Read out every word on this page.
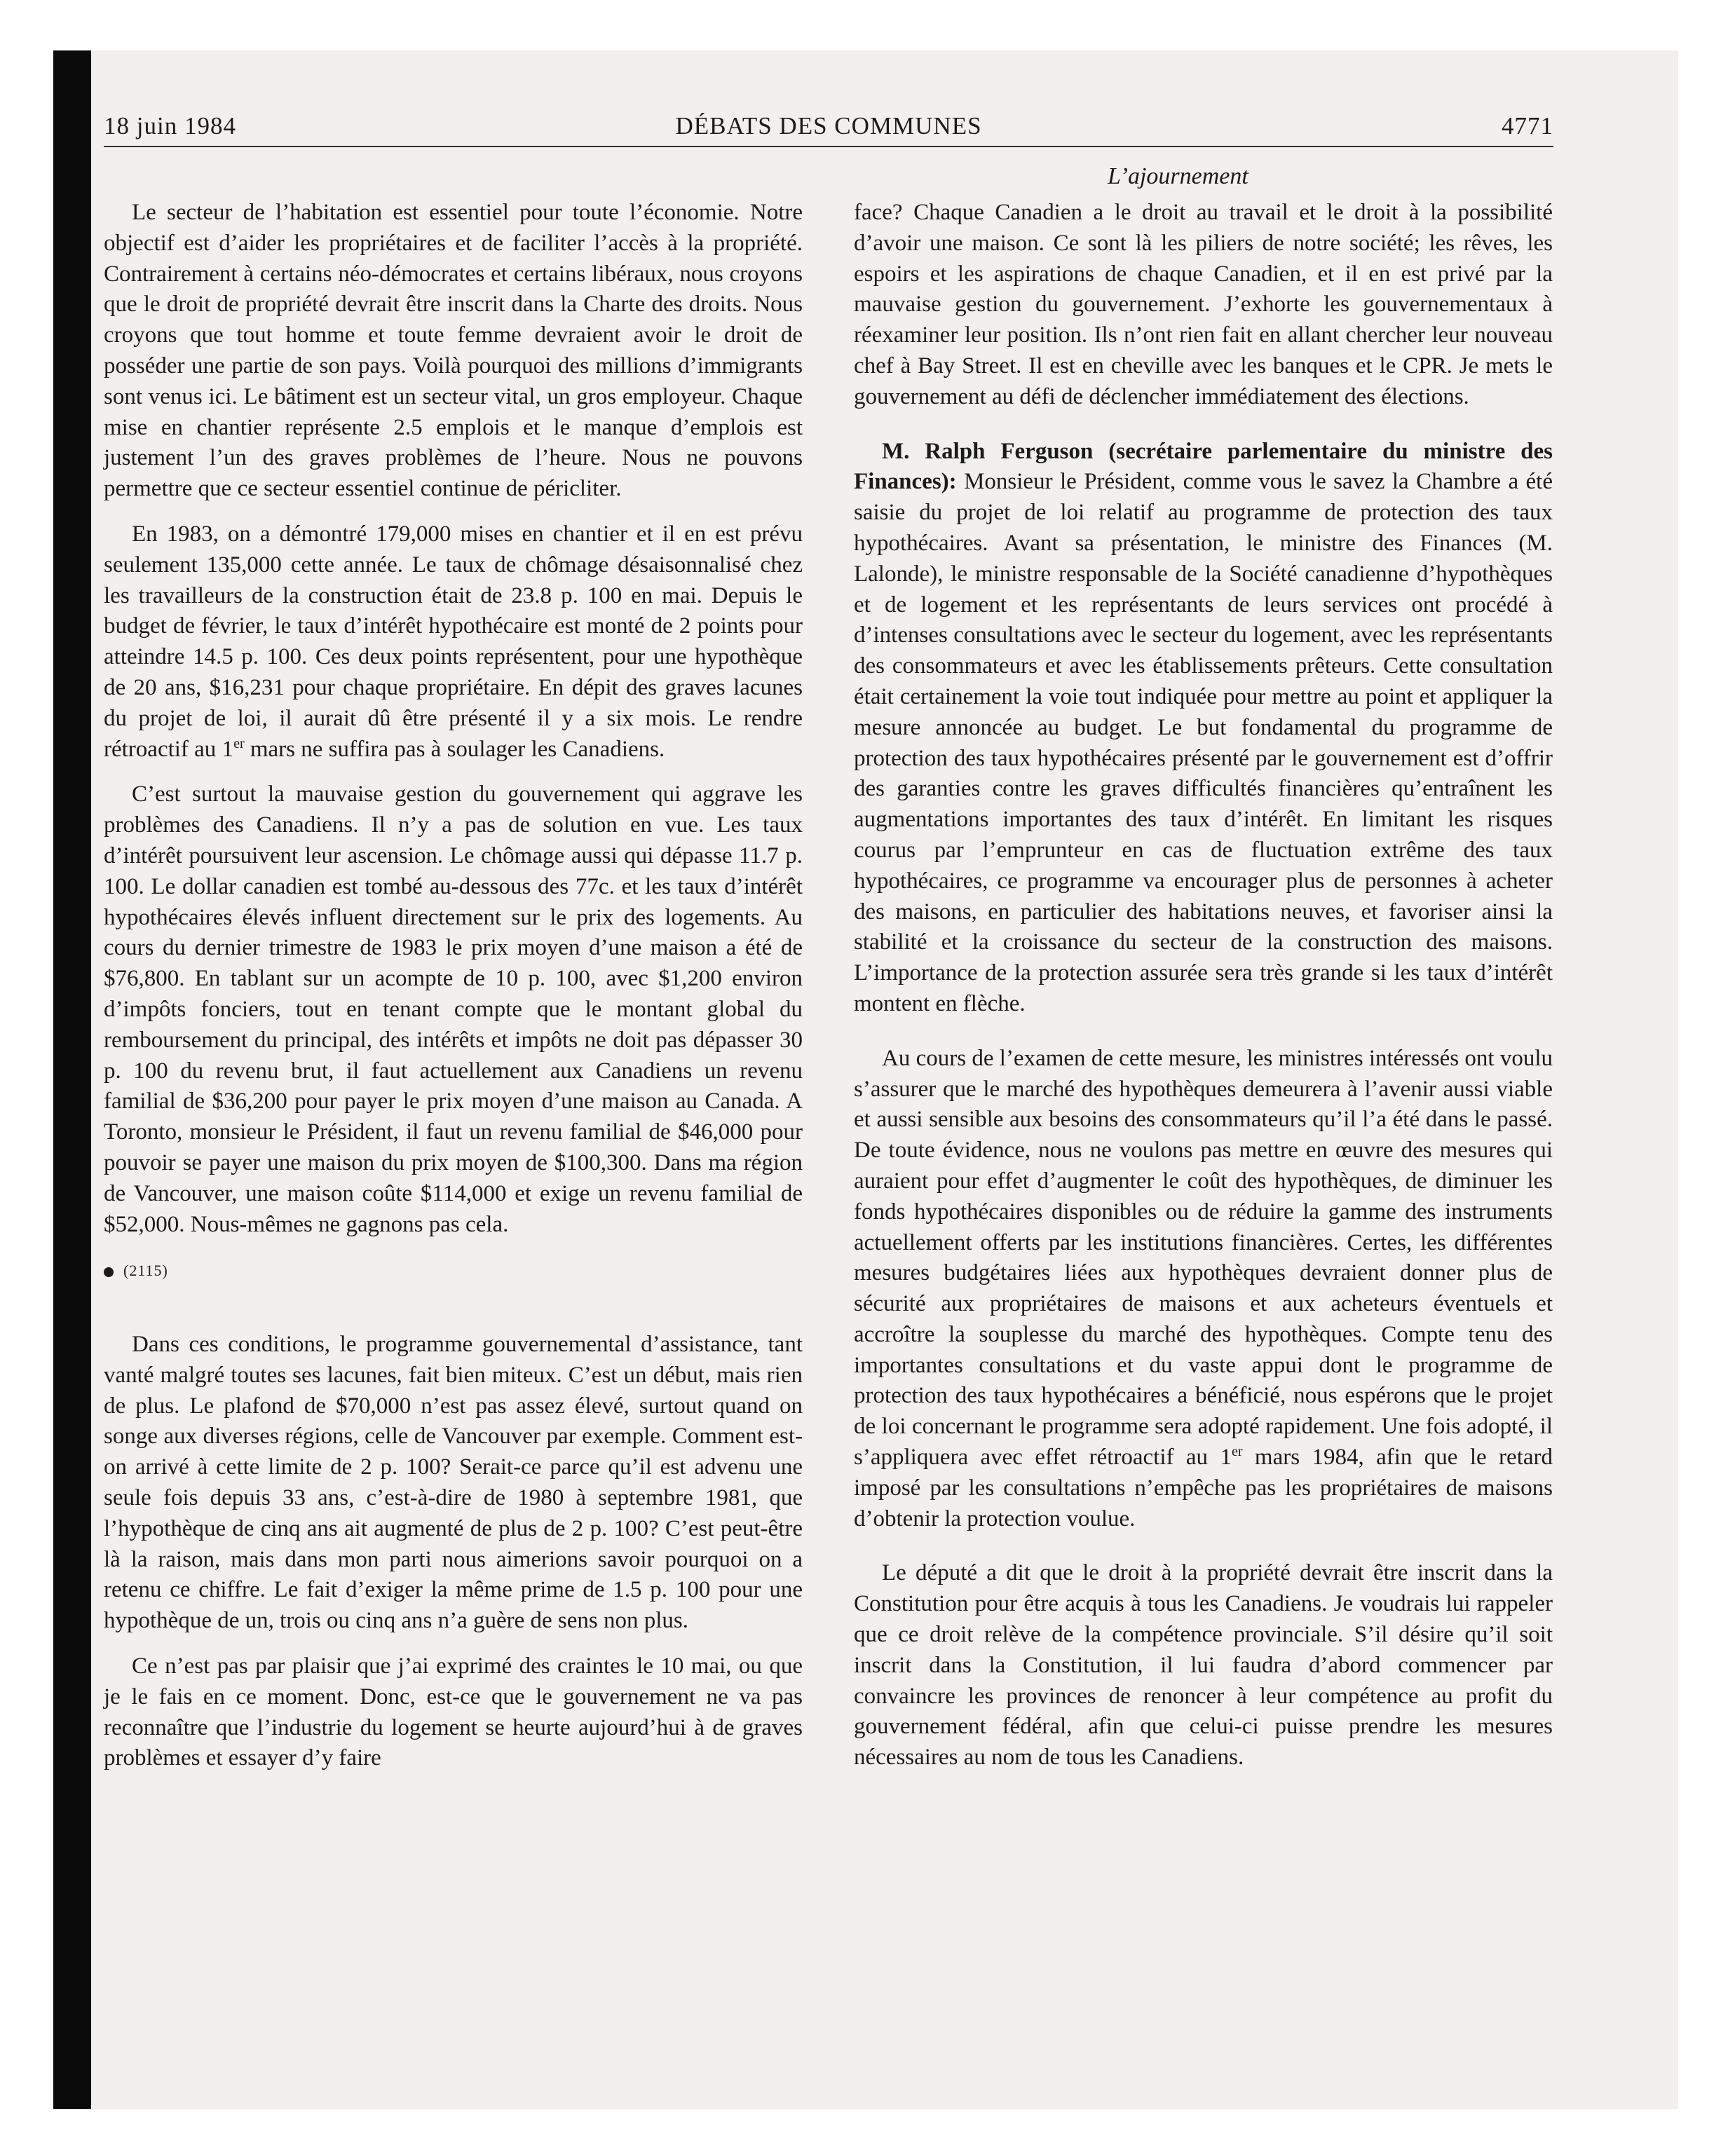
18 juin 1984	DÉBATS DES COMMUNES	4771
L’ajournement

Le secteur de l’habitation est essentiel pour toute l’économie. Notre objectif est d’aider les propriétaires et de faciliter l’accès à la propriété. Contrairement à certains néo-démocrates et certains libéraux, nous croyons que le droit de propriété devrait être inscrit dans la Charte des droits. Nous croyons que tout homme et toute femme devraient avoir le droit de posséder une partie de son pays. Voilà pourquoi des millions d’immigrants sont venus ici. Le bâtiment est un secteur vital, un gros employeur. Chaque mise en chantier représente 2.5 emplois et le manque d’emplois est justement l’un des graves problèmes de l’heure. Nous ne pouvons permettre que ce secteur essentiel continue de péricliter.

En 1983, on a démontré 179,000 mises en chantier et il en est prévu seulement 135,000 cette année. Le taux de chômage désaisonnalisé chez les travailleurs de la construction était de 23.8 p. 100 en mai. Depuis le budget de février, le taux d’intérêt hypothécaire est monté de 2 points pour atteindre 14.5 p. 100. Ces deux points représentent, pour une hypothèque de 20 ans, $16,231 pour chaque propriétaire. En dépit des graves lacunes du projet de loi, il aurait dû être présenté il y a six mois. Le rendre rétroactif au 1er mars ne suffira pas à soulager les Canadiens.

C’est surtout la mauvaise gestion du gouvernement qui aggrave les problèmes des Canadiens. Il n’y a pas de solution en vue. Les taux d’intérêt poursuivent leur ascension. Le chômage aussi qui dépasse 11.7 p. 100. Le dollar canadien est tombé au-dessous des 77c. et les taux d’intérêt hypothécaires élevés influent directement sur le prix des logements. Au cours du dernier trimestre de 1983 le prix moyen d’une maison a été de $76,800. En tablant sur un acompte de 10 p. 100, avec $1,200 environ d’impôts fonciers, tout en tenant compte que le montant global du remboursement du principal, des intérêts et impôts ne doit pas dépasser 30 p. 100 du revenu brut, il faut actuellement aux Canadiens un revenu familial de $36,200 pour payer le prix moyen d’une maison au Canada. A Toronto, monsieur le Président, il faut un revenu familial de $46,000 pour pouvoir se payer une maison du prix moyen de $100,300. Dans ma région de Vancouver, une maison coûte $114,000 et exige un revenu familial de $52,000. Nous-mêmes ne gagnons pas cela.

(2115)

Dans ces conditions, le programme gouvernemental d’assistance, tant vanté malgré toutes ses lacunes, fait bien miteux. C’est un début, mais rien de plus. Le plafond de $70,000 n’est pas assez élevé, surtout quand on songe aux diverses régions, celle de Vancouver par exemple. Comment est-on arrivé à cette limite de 2 p. 100? Serait-ce parce qu’il est advenu une seule fois depuis 33 ans, c’est-à-dire de 1980 à septembre 1981, que l’hypothèque de cinq ans ait augmenté de plus de 2 p. 100? C’est peut-être là la raison, mais dans mon parti nous aimerions savoir pourquoi on a retenu ce chiffre. Le fait d’exiger la même prime de 1.5 p. 100 pour une hypothèque de un, trois ou cinq ans n’a guère de sens non plus.

Ce n’est pas par plaisir que j’ai exprimé des craintes le 10 mai, ou que je le fais en ce moment. Donc, est-ce que le gouvernement ne va pas reconnaître que l’industrie du logement se heurte aujourd’hui à de graves problèmes et essayer d’y faire

face? Chaque Canadien a le droit au travail et le droit à la possibilité d’avoir une maison. Ce sont là les piliers de notre société; les rêves, les espoirs et les aspirations de chaque Canadien, et il en est privé par la mauvaise gestion du gouvernement. J’exhorte les gouvernementaux à réexaminer leur position. Ils n’ont rien fait en allant chercher leur nouveau chef à Bay Street. Il est en cheville avec les banques et le CPR. Je mets le gouvernement au défi de déclencher immédiatement des élections.

M. Ralph Ferguson (secrétaire parlementaire du ministre des Finances): Monsieur le Président, comme vous le savez la Chambre a été saisie du projet de loi relatif au programme de protection des taux hypothécaires. Avant sa présentation, le ministre des Finances (M. Lalonde), le ministre responsable de la Société canadienne d’hypothèques et de logement et les représentants de leurs services ont procédé à d’intenses consultations avec le secteur du logement, avec les représentants des consommateurs et avec les établissements prêteurs. Cette consultation était certainement la voie tout indiquée pour mettre au point et appliquer la mesure annoncée au budget. Le but fondamental du programme de protection des taux hypothécaires présenté par le gouvernement est d’offrir des garanties contre les graves difficultés financières qu’entraînent les augmentations importantes des taux d’intérêt. En limitant les risques courus par l’emprunteur en cas de fluctuation extrême des taux hypothécaires, ce programme va encourager plus de personnes à acheter des maisons, en particulier des habitations neuves, et favoriser ainsi la stabilité et la croissance du secteur de la construction des maisons. L’importance de la protection assurée sera très grande si les taux d’intérêt montent en flèche.

Au cours de l’examen de cette mesure, les ministres intéressés ont voulu s’assurer que le marché des hypothèques demeurera à l’avenir aussi viable et aussi sensible aux besoins des consommateurs qu’il l’a été dans le passé. De toute évidence, nous ne voulons pas mettre en œuvre des mesures qui auraient pour effet d’augmenter le coût des hypothèques, de diminuer les fonds hypothécaires disponibles ou de réduire la gamme des instruments actuellement offerts par les institutions financières. Certes, les différentes mesures budgétaires liées aux hypothèques devraient donner plus de sécurité aux propriétaires de maisons et aux acheteurs éventuels et accroître la souplesse du marché des hypothèques. Compte tenu des importantes consultations et du vaste appui dont le programme de protection des taux hypothécaires a bénéficié, nous espérons que le projet de loi concernant le programme sera adopté rapidement. Une fois adopté, il s’appliquera avec effet rétroactif au 1er mars 1984, afin que le retard imposé par les consultations n’empêche pas les propriétaires de maisons d’obtenir la protection voulue.

Le député a dit que le droit à la propriété devrait être inscrit dans la Constitution pour être acquis à tous les Canadiens. Je voudrais lui rappeler que ce droit relève de la compétence provinciale. S’il désire qu’il soit inscrit dans la Constitution, il lui faudra d’abord commencer par convaincre les provinces de renoncer à leur compétence au profit du gouvernement fédéral, afin que celui-ci puisse prendre les mesures nécessaires au nom de tous les Canadiens.
